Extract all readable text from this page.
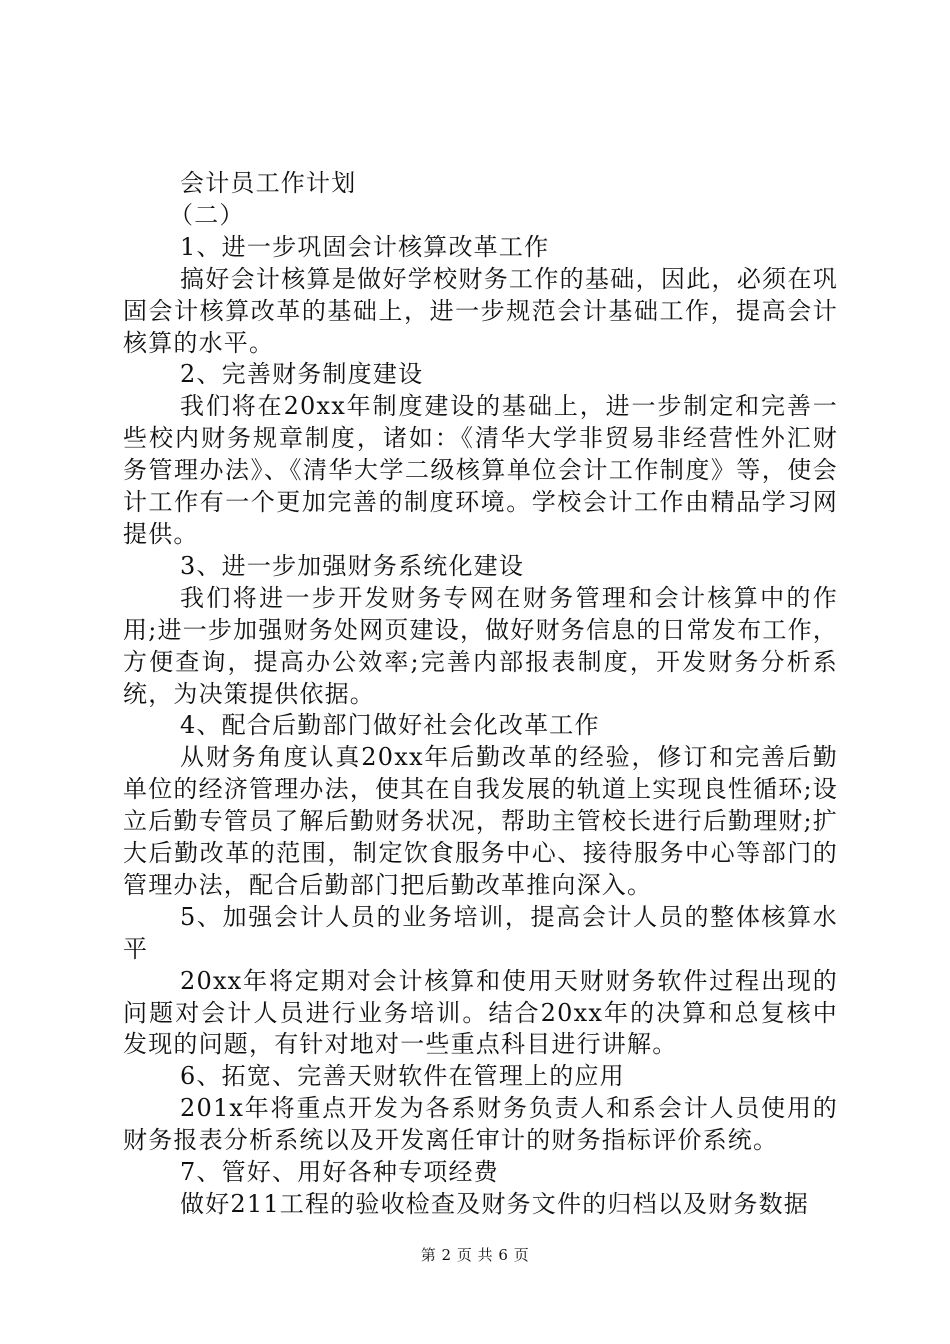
会计员工作计划

（二）

1、进一步巩固会计核算改革工作

搞好会计核算是做好学校财务工作的基础，因此，必须在巩固会计核算改革的基础上，进一步规范会计基础工作，提高会计核算的水平。

2、完善财务制度建设

我们将在20xx年制度建设的基础上，进一步制定和完善一些校内财务规章制度，诸如：《清华大学非贸易非经营性外汇财务管理办法》、《清华大学二级核算单位会计工作制度》等，使会计工作有一个更加完善的制度环境。学校会计工作由精品学习网提供。

3、进一步加强财务系统化建设

我们将进一步开发财务专网在财务管理和会计核算中的作用;进一步加强财务处网页建设，做好财务信息的日常发布工作，方便查询，提高办公效率;完善内部报表制度，开发财务分析系统，为决策提供依据。

4、配合后勤部门做好社会化改革工作

从财务角度认真20xx年后勤改革的经验，修订和完善后勤单位的经济管理办法，使其在自我发展的轨道上实现良性循环;设立后勤专管员了解后勤财务状况，帮助主管校长进行后勤理财;扩大后勤改革的范围，制定饮食服务中心、接待服务中心等部门的管理办法，配合后勤部门把后勤改革推向深入。

5、加强会计人员的业务培训，提高会计人员的整体核算水平

20xx年将定期对会计核算和使用天财财务软件过程出现的问题对会计人员进行业务培训。结合20xx年的决算和总复核中发现的问题，有针对地对一些重点科目进行讲解。

6、拓宽、完善天财软件在管理上的应用

201x年将重点开发为各系财务负责人和系会计人员使用的财务报表分析系统以及开发离任审计的财务指标评价系统。

7、管好、用好各种专项经费

做好211工程的验收检查及财务文件的归档以及财务数据

第 2 页 共 6 页
